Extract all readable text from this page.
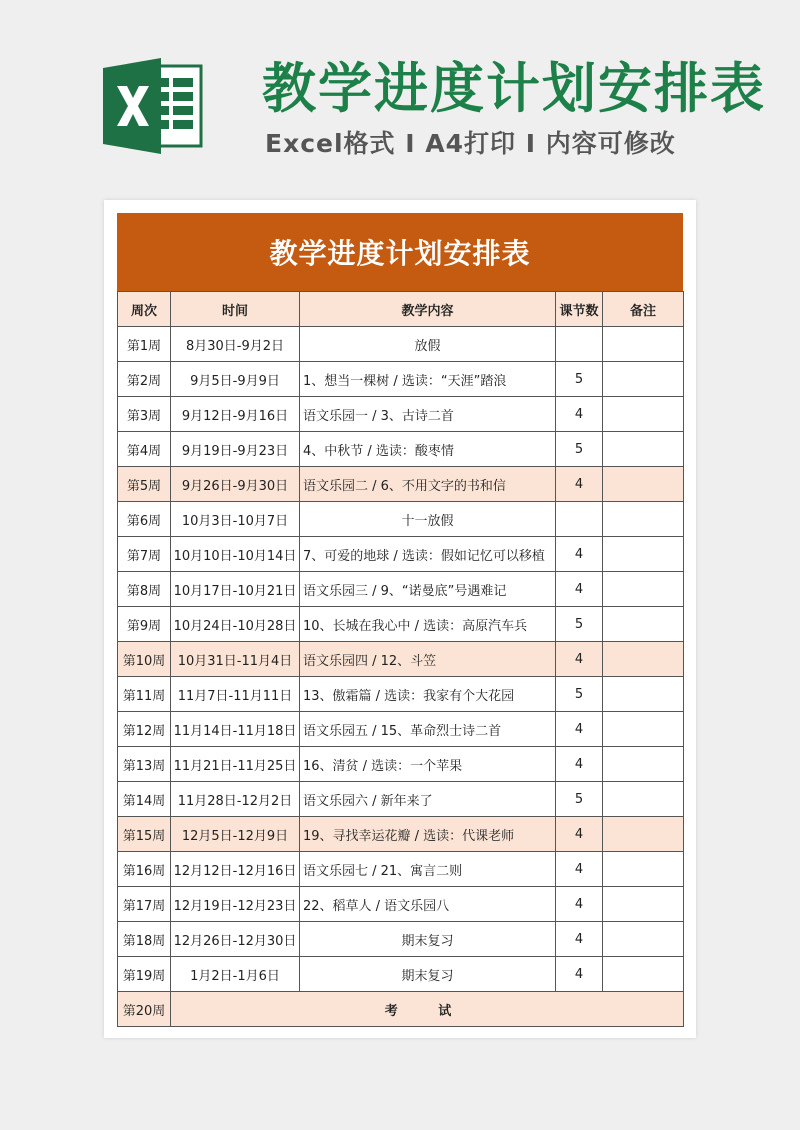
教学进度计划安排表
Excel格式 I A4打印 I 内容可修改
教学进度计划安排表
周次	时间	教学内容	课节数	备注
第1周	8月30日-9月2日	放假		
第2周	9月5日-9月9日	1、想当一棵树 / 选读：“天涯”踏浪	5	
第3周	9月12日-9月16日	语文乐园一 / 3、古诗二首	4	
第4周	9月19日-9月23日	4、中秋节 / 选读：酸枣情	5	
第5周	9月26日-9月30日	语文乐园二 / 6、不用文字的书和信	4	
第6周	10月3日-10月7日	十一放假		
第7周	10月10日-10月14日	7、可爱的地球 / 选读：假如记忆可以移植	4	
第8周	10月17日-10月21日	语文乐园三 / 9、“诺曼底”号遇难记	4	
第9周	10月24日-10月28日	10、长城在我心中 / 选读：高原汽车兵	5	
第10周	10月31日-11月4日	语文乐园四 / 12、斗笠	4	
第11周	11月7日-11月11日	13、傲霜篇 / 选读：我家有个大花园	5	
第12周	11月14日-11月18日	语文乐园五 / 15、革命烈士诗二首	4	
第13周	11月21日-11月25日	16、清贫 / 选读：一个苹果	4	
第14周	11月28日-12月2日	语文乐园六 / 新年来了	5	
第15周	12月5日-12月9日	19、寻找幸运花瓣 / 选读：代课老师	4	
第16周	12月12日-12月16日	语文乐园七 / 21、寓言二则	4	
第17周	12月19日-12月23日	22、稻草人 / 语文乐园八	4	
第18周	12月26日-12月30日	期末复习	4	
第19周	1月2日-1月6日	期末复习	4	
第20周	考 试			
